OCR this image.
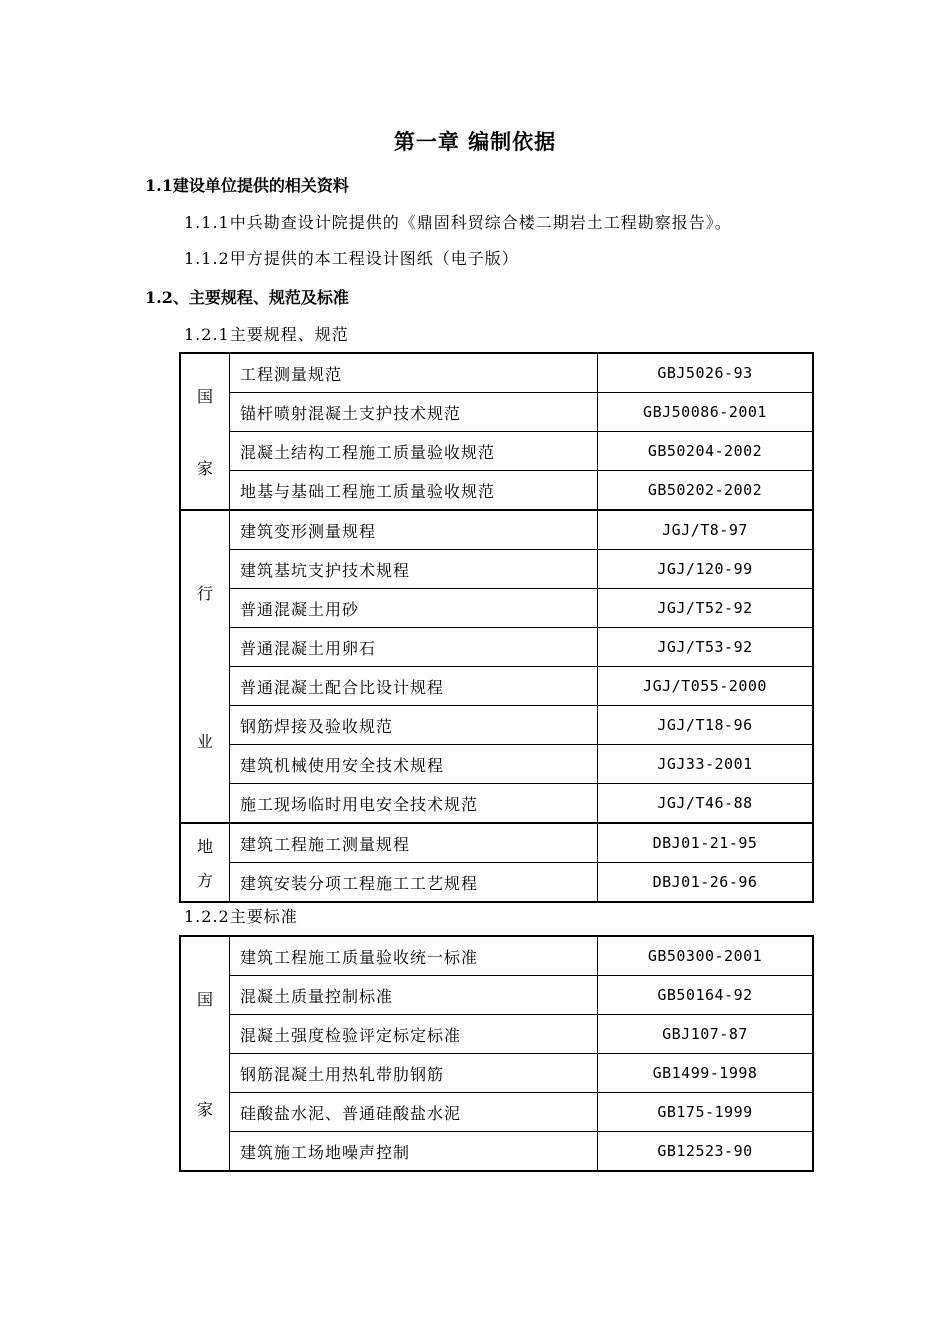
第一章 编制依据
1.1建设单位提供的相关资料
1.1.1中兵勘查设计院提供的《鼎固科贸综合楼二期岩土工程勘察报告》。
1.1.2甲方提供的本工程设计图纸（电子版）
1.2、主要规程、规范及标准
1.2.1主要规程、规范
国
家	工程测量规范	GBJ5026-93
	锚杆喷射混凝土支护技术规范	GBJ50086-2001
	混凝土结构工程施工质量验收规范	GB50204-2002
	地基与基础工程施工质量验收规范	GB50202-2002

行
业	建筑变形测量规程	JGJ/T8-97
	建筑基坑支护技术规程	JGJ/120-99
	普通混凝土用砂	JGJ/T52-92
	普通混凝土用卵石	JGJ/T53-92
	普通混凝土配合比设计规程	JGJ/T055-2000
	钢筋焊接及验收规范	JGJ/T18-96
	建筑机械使用安全技术规程	JGJ33-2001
	施工现场临时用电安全技术规范	JGJ/T46-88

地
方	建筑工程施工测量规程	DBJ01-21-95
	建筑安装分项工程施工工艺规程	DBJ01-26-96
1.2.2主要标准
国
家	建筑工程施工质量验收统一标准	GB50300-2001
	混凝土质量控制标准	GB50164-92
	混凝土强度检验评定标定标准	GBJ107-87
	钢筋混凝土用热轧带肋钢筋	GB1499-1998
	硅酸盐水泥、普通硅酸盐水泥	GB175-1999
	建筑施工场地噪声控制	GB12523-90
